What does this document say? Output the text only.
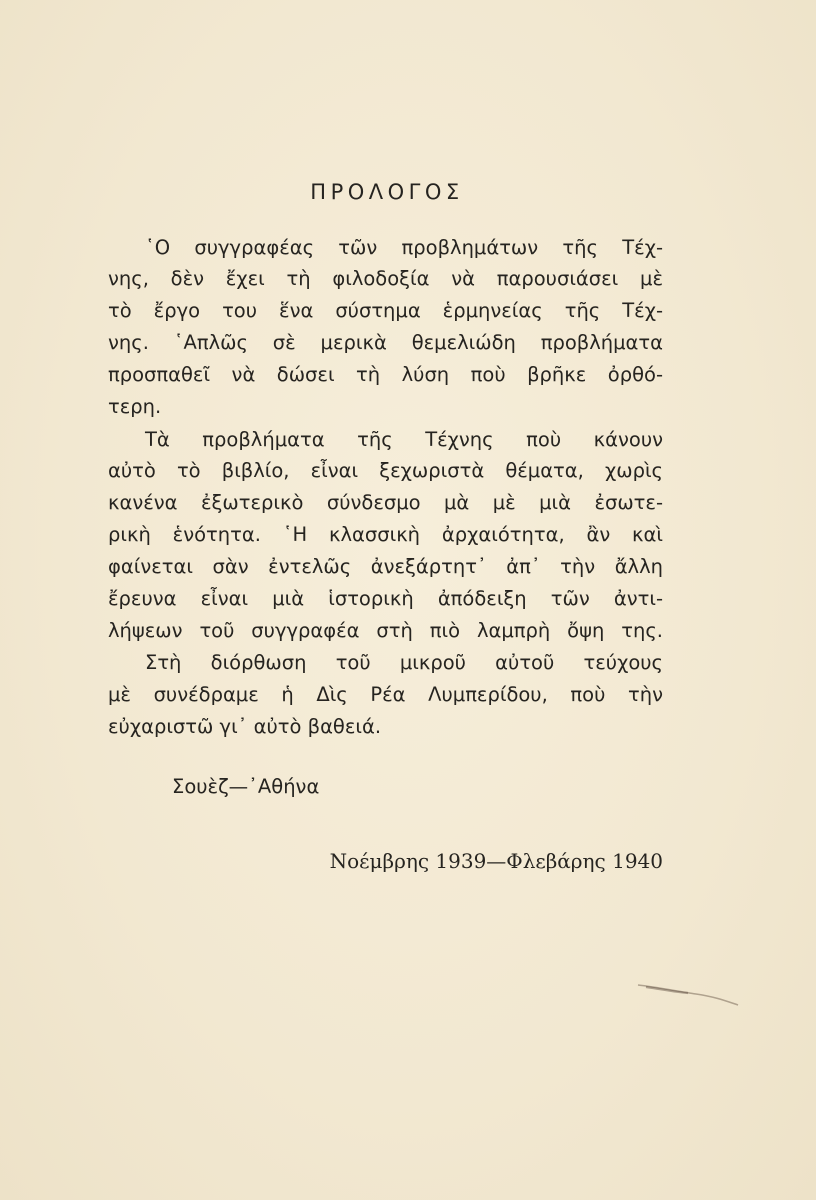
ΠΡΟΛΟΓΟΣ
῾Ο συγγραφέας τῶν προβλημάτων τῆς Τέχ-
νης, δὲν ἔχει τὴ φιλοδοξία νὰ παρουσιάσει μὲ
τὸ ἔργο του ἕνα σύστημα ἑρμηνείας τῆς Τέχ-
νης. ῾Απλῶς σὲ μερικὰ θεμελιώδη προβλήματα
προσπαθεῖ νὰ δώσει τὴ λύση ποὺ βρῆκε ὀρθό-
τερη.
Τὰ προβλήματα τῆς Τέχνης ποὺ κάνουν
αὐτὸ τὸ βιβλίο, εἶναι ξεχωριστὰ θέματα, χωρὶς
κανένα ἐξωτερικὸ σύνδεσμο μὰ μὲ μιὰ ἐσωτε-
ρικὴ ἑνότητα. ῾Η κλασσικὴ ἀρχαιότητα, ἂν καὶ
φαίνεται σὰν ἐντελῶς ἀνεξάρτητ᾽ ἀπ᾽ τὴν ἄλλη
ἔρευνα εἶναι μιὰ ἱστορικὴ ἀπόδειξη τῶν ἀντι-
λήψεων τοῦ συγγραφέα στὴ πιὸ λαμπρὴ ὄψη της.
Στὴ διόρθωση τοῦ μικροῦ αὐτοῦ τεύχους
μὲ συνέδραμε ἡ Δὶς Ρέα Λυμπερίδου, ποὺ τὴν
εὐχαριστῶ γι᾽ αὐτὸ βαθειά.
Σουὲζ—᾽Αθήνα
Νοέμβρης 1939—Φλεβάρης 1940
